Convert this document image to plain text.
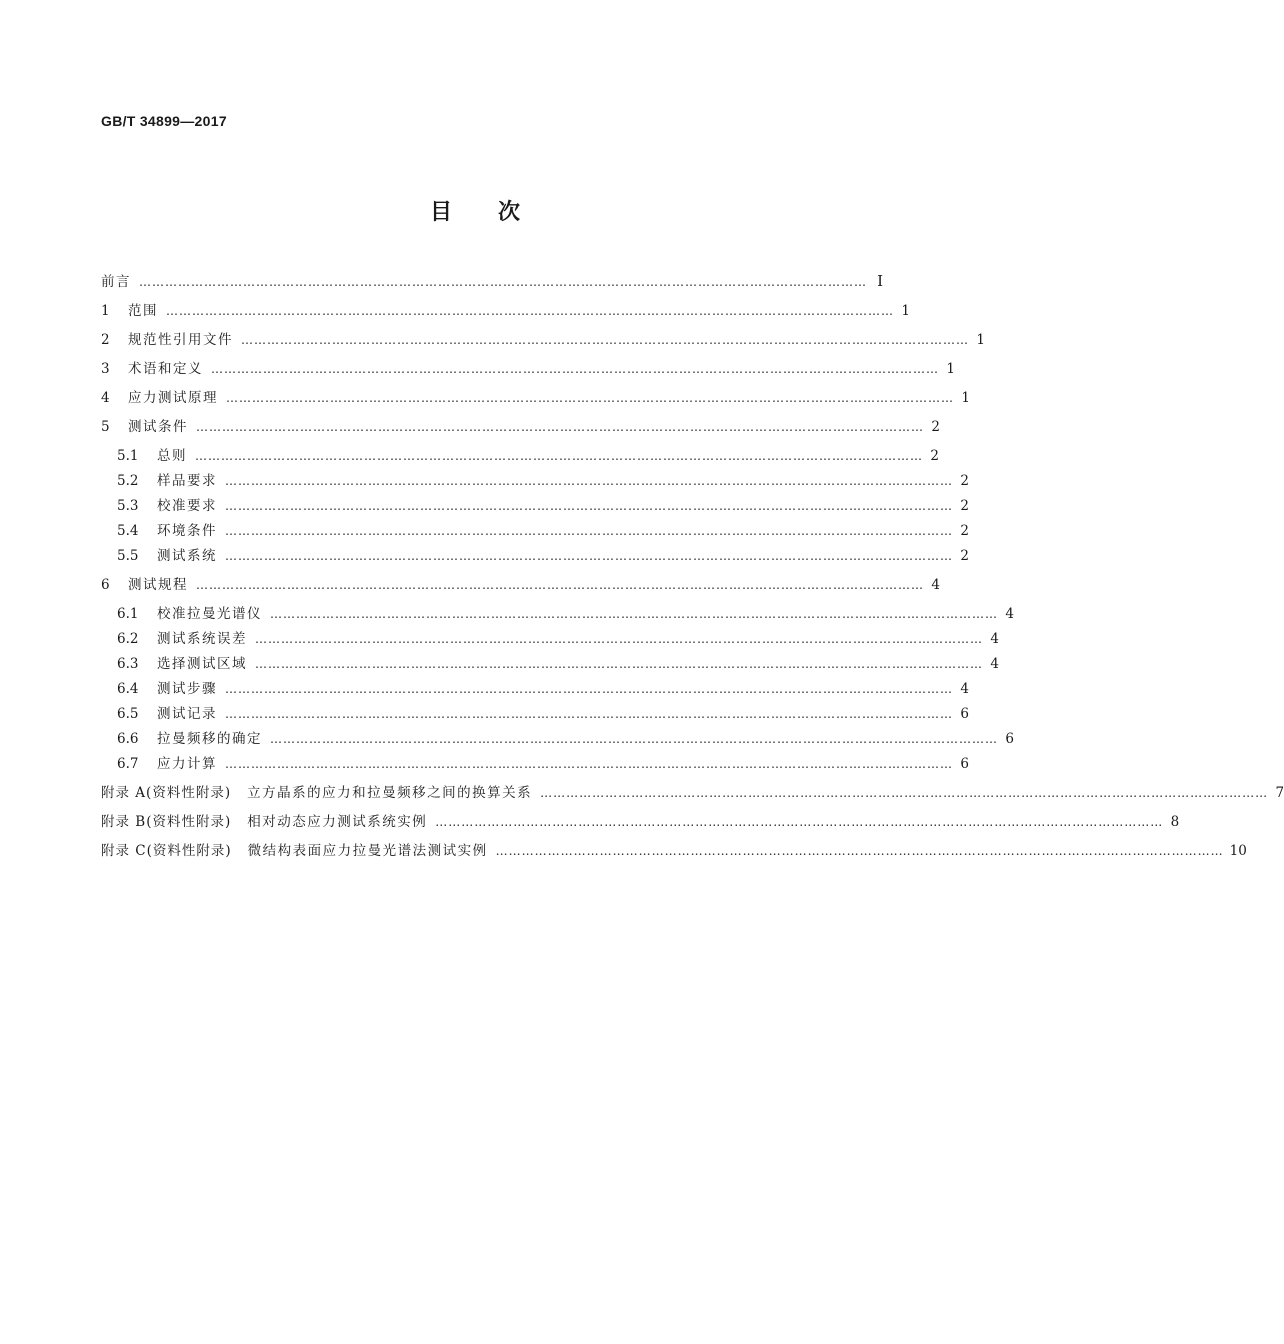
GB/T 34899—2017
目次
前言 …………………………………………………………………………………………………………………………………………………… Ⅰ
1	范围 …………………………………………………………………………………………………………………………………………………… 1
2	规范性引用文件 …………………………………………………………………………………………………………………………………………………… 1
3	术语和定义 …………………………………………………………………………………………………………………………………………………… 1
4	应力测试原理 …………………………………………………………………………………………………………………………………………………… 1
5	测试条件 …………………………………………………………………………………………………………………………………………………… 2
5.1	总则 …………………………………………………………………………………………………………………………………………………… 2
5.2	样品要求 …………………………………………………………………………………………………………………………………………………… 2
5.3	校准要求 …………………………………………………………………………………………………………………………………………………… 2
5.4	环境条件 …………………………………………………………………………………………………………………………………………………… 2
5.5	测试系统 …………………………………………………………………………………………………………………………………………………… 2
6	测试规程 …………………………………………………………………………………………………………………………………………………… 4
6.1	校准拉曼光谱仪 …………………………………………………………………………………………………………………………………………………… 4
6.2	测试系统误差 …………………………………………………………………………………………………………………………………………………… 4
6.3	选择测试区域 …………………………………………………………………………………………………………………………………………………… 4
6.4	测试步骤 …………………………………………………………………………………………………………………………………………………… 4
6.5	测试记录 …………………………………………………………………………………………………………………………………………………… 6
6.6	拉曼频移的确定 …………………………………………………………………………………………………………………………………………………… 6
6.7	应力计算 …………………………………………………………………………………………………………………………………………………… 6
附录 A (资料性附录) 立方晶系的应力和拉曼频移之间的换算关系 …………………………………………………………………………………………………………………………………………………… 7
附录 B (资料性附录) 相对动态应力测试系统实例 …………………………………………………………………………………………………………………………………………………… 8
附录 C (资料性附录) 微结构表面应力拉曼光谱法测试实例 …………………………………………………………………………………………………………………………………………………… 10
